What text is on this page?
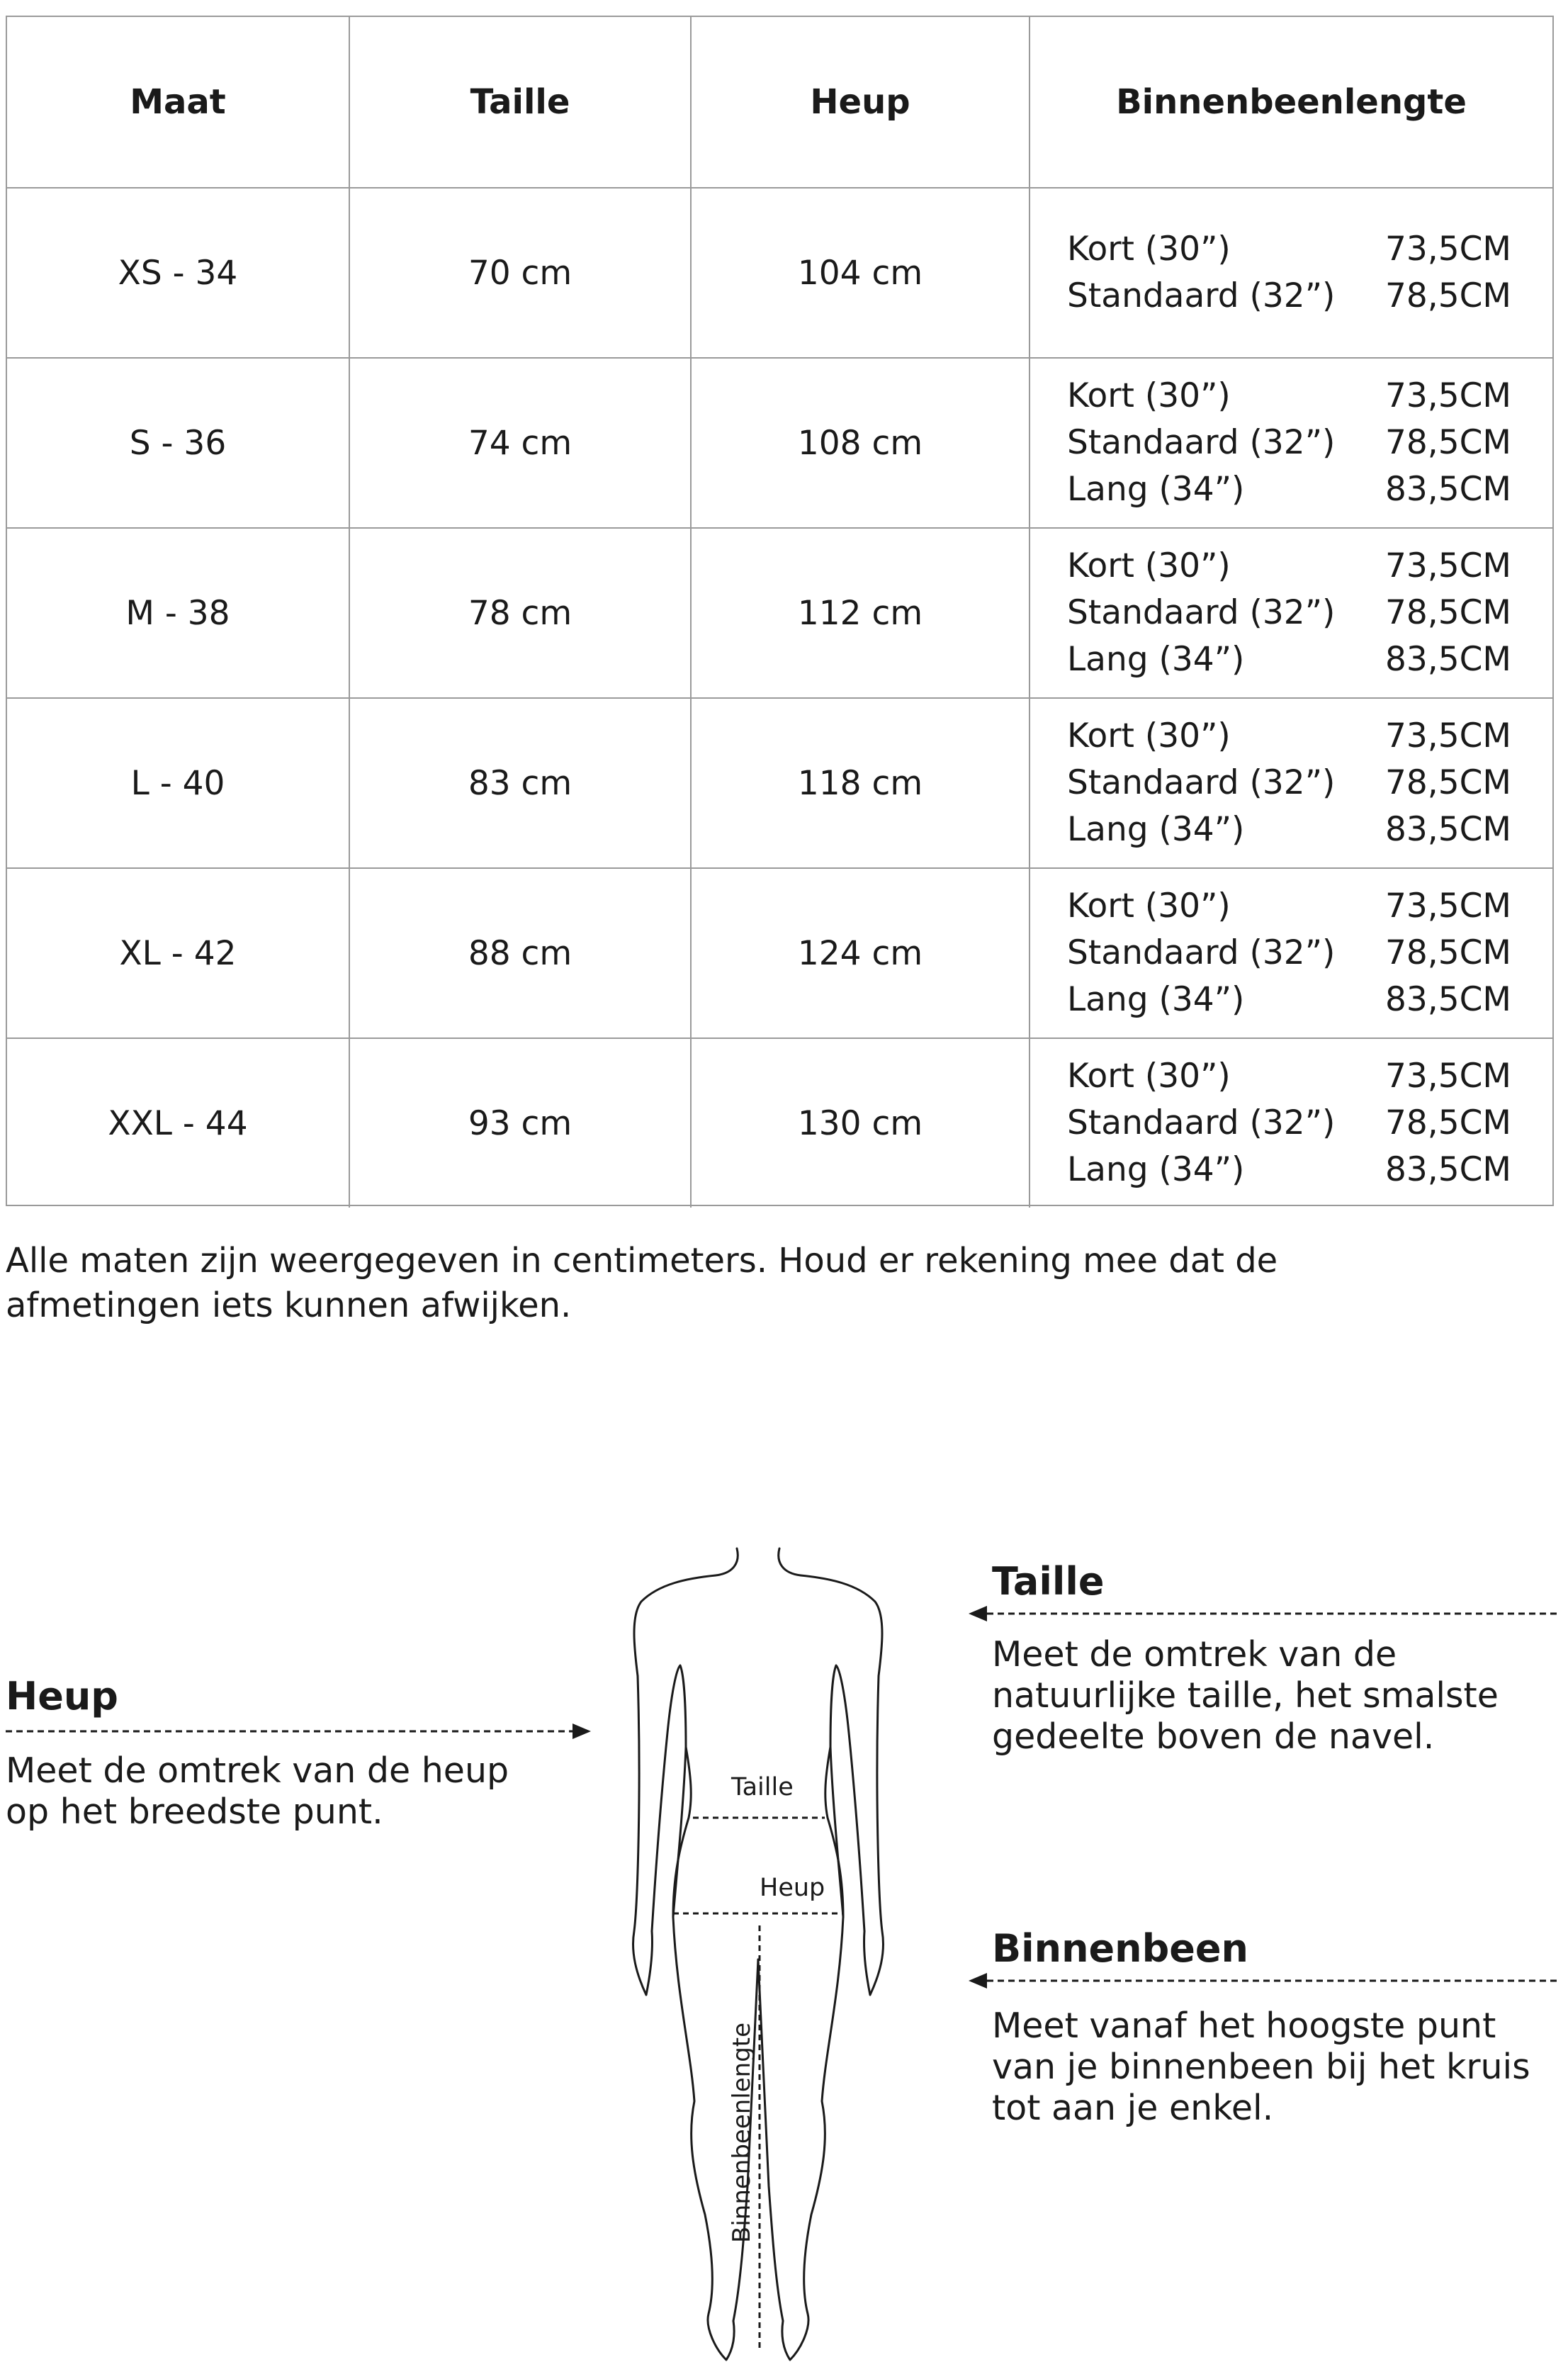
Maat	Taille	Heup	Binnenbeenlengte
XS - 34	70 cm	104 cm
Kort (30”)	73,5CM
Standaard (32”) 78,5CM
S - 36	74 cm	108 cm
Kort (30”)	73,5CM
Standaard (32”) 78,5CM
Lang (34”)	83,5CM
M - 38	78 cm	112 cm
Kort (30”)	73,5CM
Standaard (32”) 78,5CM
Lang (34”)	83,5CM
L - 40	83 cm	118 cm
Kort (30”)	73,5CM
Standaard (32”) 78,5CM
Lang (34”)	83,5CM
XL - 42	88 cm	124 cm
Kort (30”)	73,5CM
Standaard (32”) 78,5CM
Lang (34”)	83,5CM
XXL - 44	93 cm	130 cm
Kort (30”)	73,5CM
Standaard (32”) 78,5CM
Lang (34”)	83,5CM
Alle maten zijn weergegeven in centimeters. Houd er rekening mee dat de afmetingen iets kunnen afwijken.
Heup
Meet de omtrek van de heup op het breedste punt.
Taille
Meet de omtrek van de natuurlijke taille, het smalste gedeelte boven de navel.
Binnenbeen
Meet vanaf het hoogste punt van je binnenbeen bij het kruis tot aan je enkel.
Taille
Heup
Binnenbeenlengte
